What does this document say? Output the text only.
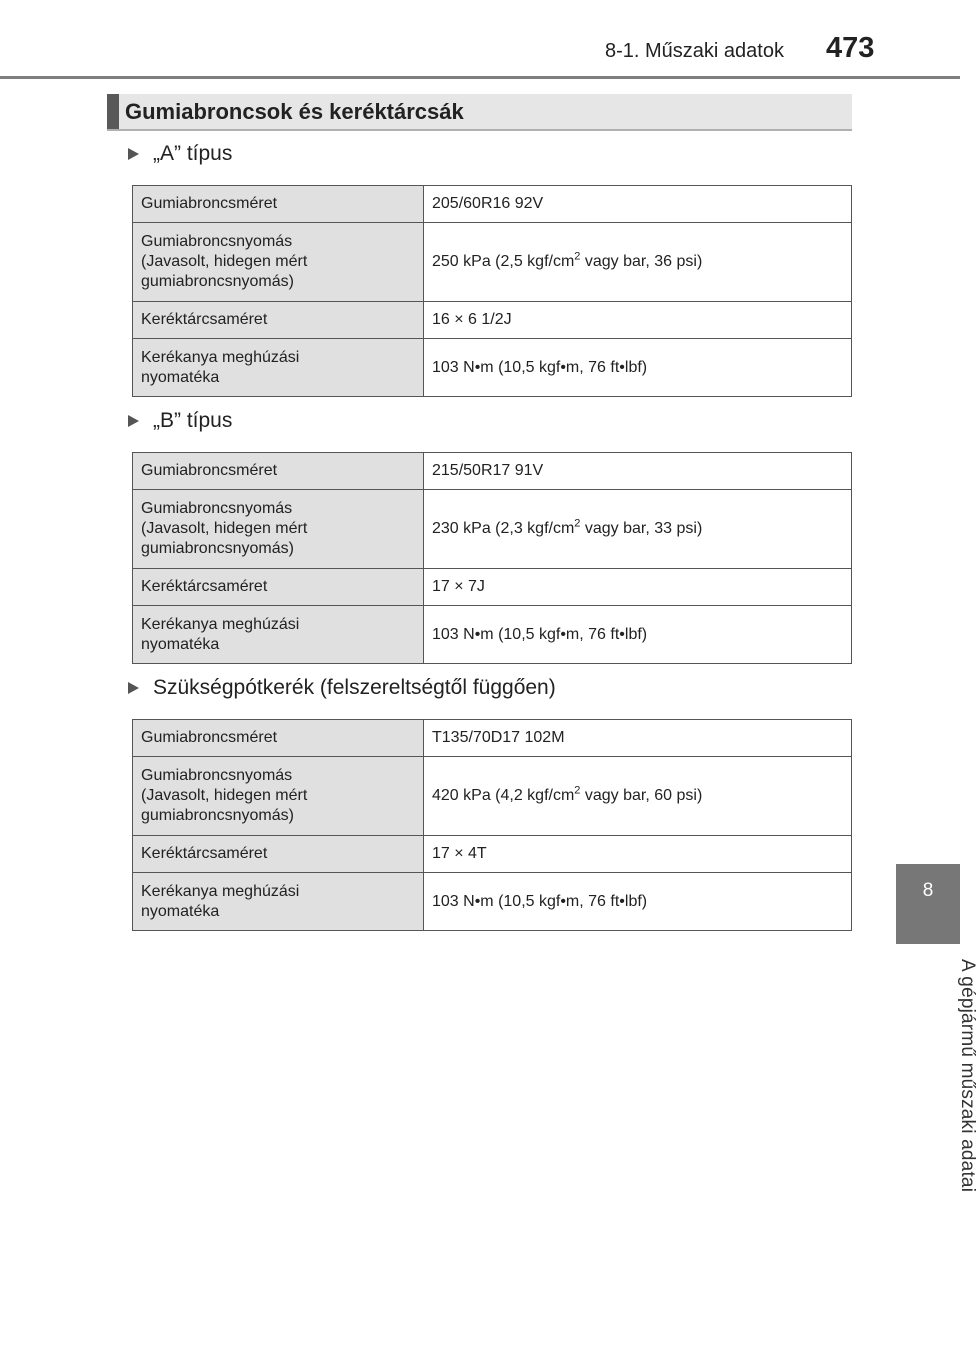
8-1. Műszaki adatok 473
8
A gépjármű műszaki adatai
Gumiabroncsok és keréktárcsák
„A” típus
Gumiabroncsméret	205/60R16 92V
Gumiabroncsnyomás
(Javasolt, hidegen mért
gumiabroncsnyomás)	250 kPa (2,5 kgf/$cm^2$ vagy bar, 36 psi)
Keréktárcsaméret	16 × 6 1/2J
Kerékanya meghúzási
nyomatéka	103 N•m (10,5 kgf•m, 76 ft•lbf)
„B” típus
Gumiabroncsméret	215/50R17 91V
Gumiabroncsnyomás
(Javasolt, hidegen mért
gumiabroncsnyomás)	230 kPa (2,3 kgf/$cm^2$ vagy bar, 33 psi)
Keréktárcsaméret	17 × 7J
Kerékanya meghúzási
nyomatéka	103 N•m (10,5 kgf•m, 76 ft•lbf)
Szükségpótkerék (felszereltségtől függően)
Gumiabroncsméret	T135/70D17 102M
Gumiabroncsnyomás
(Javasolt, hidegen mért
gumiabroncsnyomás)	420 kPa (4,2 kgf/$cm^2$ vagy bar, 60 psi)
Keréktárcsaméret	17 × 4T
Kerékanya meghúzási
nyomatéka	103 N•m (10,5 kgf•m, 76 ft•lbf)
